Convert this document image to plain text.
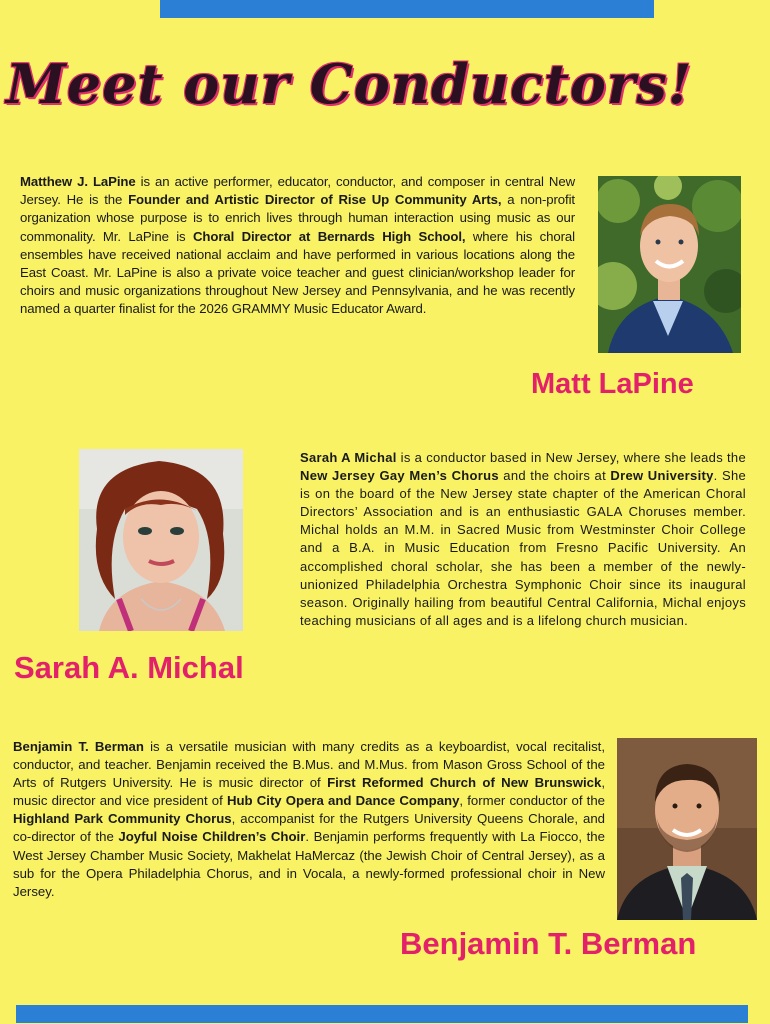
Meet our Conductors!
Matthew J. LaPine is an active performer, educator, conductor, and composer in central New Jersey. He is the Founder and Artistic Director of Rise Up Community Arts, a non-profit organization whose purpose is to enrich lives through human interaction using music as our commonality. Mr. LaPine is Choral Director at Bernards High School, where his choral ensembles have received national acclaim and have performed in various locations along the East Coast. Mr. LaPine is also a private voice teacher and guest clinician/workshop leader for choirs and music organizations throughout New Jersey and Pennsylvania, and he was recently named a quarter finalist for the 2026 GRAMMY Music Educator Award.
Matt LaPine
Sarah A Michal is a conductor based in New Jersey, where she leads the New Jersey Gay Men’s Chorus and the choirs at Drew University. She is on the board of the New Jersey state chapter of the American Choral Directors’ Association and is an enthusiastic GALA Choruses member. Michal holds an M.M. in Sacred Music from Westminster Choir College and a B.A. in Music Education from Fresno Pacific University. An accomplished choral scholar, she has been a member of the newly-unionized Philadelphia Orchestra Symphonic Choir since its inaugural season. Originally hailing from beautiful Central California, Michal enjoys teaching musicians of all ages and is a lifelong church musician.
Sarah A. Michal
Benjamin T. Berman is a versatile musician with many credits as a keyboardist, vocal recitalist, conductor, and teacher. Benjamin received the B.Mus. and M.Mus. from Mason Gross School of the Arts of Rutgers University. He is music director of First Reformed Church of New Brunswick, music director and vice president of Hub City Opera and Dance Company, former conductor of the Highland Park Community Chorus, accompanist for the Rutgers University Queens Chorale, and co-director of the Joyful Noise Children’s Choir. Benjamin performs frequently with La Fiocco, the West Jersey Chamber Music Society, Makhelat HaMercaz (the Jewish Choir of Central Jersey), as a sub for the Opera Philadelphia Chorus, and in Vocala, a newly-formed professional choir in New Jersey.
Benjamin T. Berman
